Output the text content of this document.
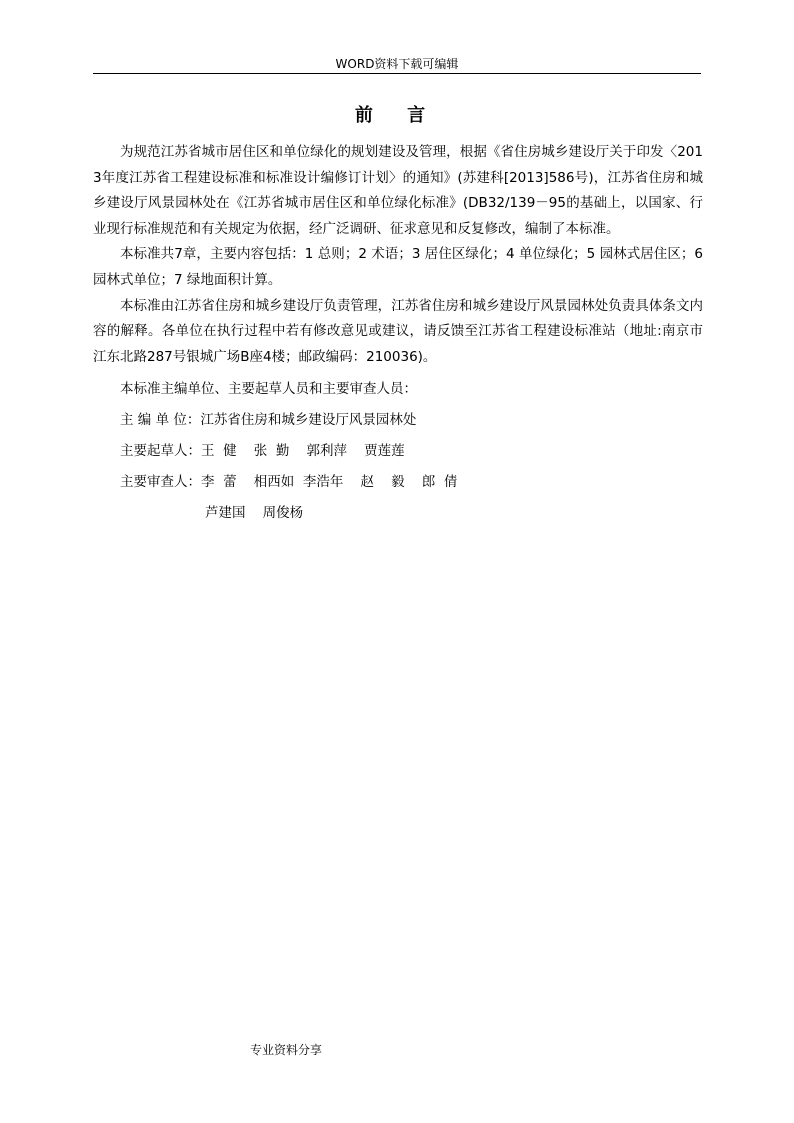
WORD资料下载可编辑
前 言

为规范江苏省城市居住区和单位绿化的规划建设及管理，根据《省住房城乡建设厅关于印发〈2013年度江苏省工程建设标准和标准设计编修订计划〉的通知》(苏建科[2013]586号)，江苏省住房和城乡建设厅风景园林处在《江苏省城市居住区和单位绿化标准》(DB32/139－95的基础上，以国家、行业现行标准规范和有关规定为依据，经广泛调研、征求意见和反复修改，编制了本标准。

本标准共7章，主要内容包括：1 总则；2 术语；3 居住区绿化；4 单位绿化；5 园林式居住区；6 园林式单位；7 绿地面积计算。

本标准由江苏省住房和城乡建设厅负责管理，江苏省住房和城乡建设厅风景园林处负责具体条文内容的解释。各单位在执行过程中若有修改意见或建议，请反馈至江苏省工程建设标准站（地址:南京市江东北路287号银城广场B座4楼；邮政编码：210036)。

本标准主编单位、主要起草人员和主要审查人员：

主 编 单 位：江苏省住房和城乡建设厅风景园林处

主要起草人：王  健    张  勤    郭利萍    贾莲莲

主要审查人：李  蕾    相西如  李浩年    赵    毅    郎  倩

芦建国    周俊杨

专业资料分享
